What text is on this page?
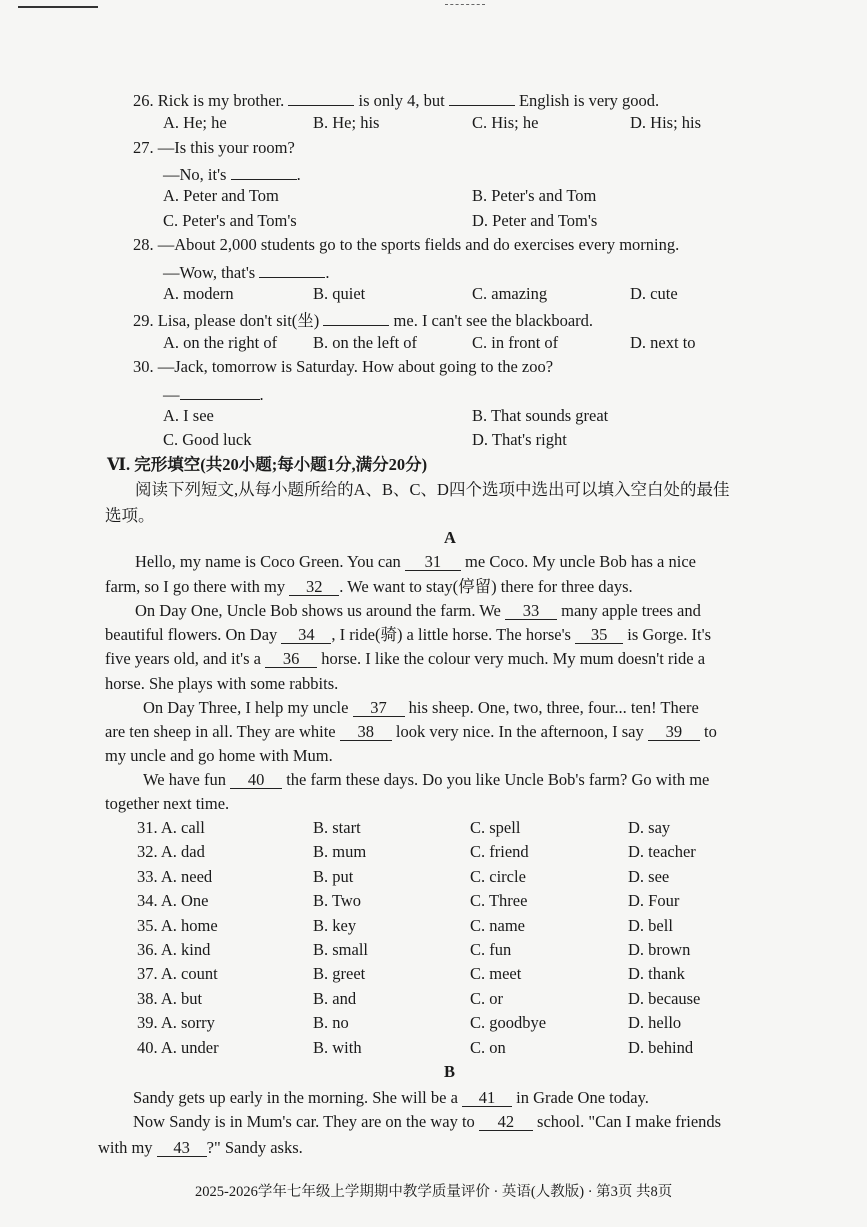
26. Rick is my brother.	is only 4, but	English is very good.
A. He; he	B. He; his	C. His; he	D. His; his
27. —Is this your room?
—No, it's	.
A. Peter and Tom	B. Peter's and Tom
C. Peter's and Tom's	D. Peter and Tom's
28. —About 2,000 students go to the sports fields and do exercises every morning.
—Wow, that's	.
A. modern	B. quiet	C. amazing	D. cute
29. Lisa, please don't sit(坐)	me. I can't see the blackboard.
A. on the right of B. on the left of	C. in front of	D. next to
30. —Jack, tomorrow is Saturday. How about going to the zoo?
—	.
A. I see	B. That sounds great
C. Good luck	D. That's right
Ⅵ. 完形填空(共20小题;每小题1分,满分20分)
阅读下列短文,从每小题所给的A、B、C、D四个选项中选出可以填入空白处的最佳
选项。
A
Hello, my name is Coco Green. You can 31 me Coco. My uncle Bob has a nice
farm, so I go there with my 32 . We want to stay(停留) there for three days.
On Day One, Uncle Bob shows us around the farm. We 33 many apple trees and
beautiful flowers. On Day 34 , I ride(骑) a little horse. The horse's 35 is Gorge. It's
five years old, and it's a 36 horse. I like the colour very much. My mum doesn't ride a
horse. She plays with some rabbits.
On Day Three, I help my uncle 37 his sheep. One, two, three, four... ten! There
are ten sheep in all. They are white 38 look very nice. In the afternoon, I say 39 to
my uncle and go home with Mum.
We have fun 40 the farm these days. Do you like Uncle Bob's farm? Go with me
together next time.
31. A. call	B. start	C. spell	D. say
32. A. dad	B. mum	C. friend	D. teacher
33. A. need	B. put	C. circle	D. see
34. A. One	B. Two	C. Three	D. Four
35. A. home	B. key	C. name	D. bell
36. A. kind	B. small	C. fun	D. brown
37. A. count	B. greet	C. meet	D. thank
38. A. but	B. and	C. or	D. because
39. A. sorry	B. no	C. goodbye	D. hello
40. A. under	B. with	C. on	D. behind
B
Sandy gets up early in the morning. She will be a 41 in Grade One today.
Now Sandy is in Mum's car. They are on the way to 42 school. "Can I make friends
with my 43 ?" Sandy asks.
2025-2026学年七年级上学期期中教学质量评价 · 英语(人教版) · 第3页 共8页
